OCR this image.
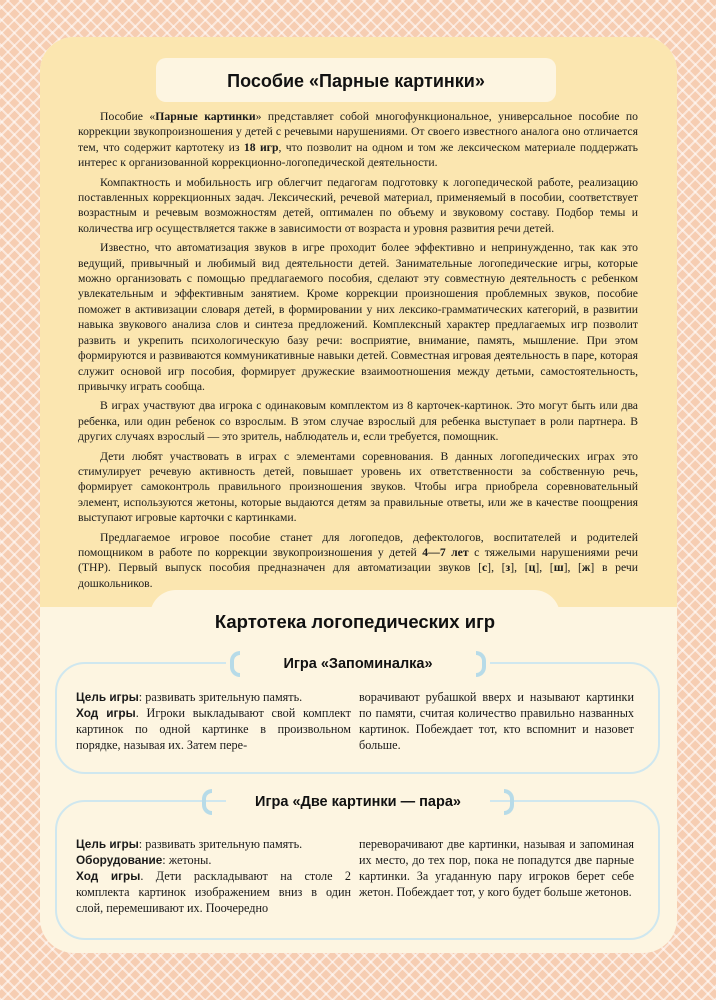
Пособие «Парные картинки»

Пособие «Парные картинки» представляет собой многофункциональное, универсальное пособие по коррекции звукопроизношения у детей с речевыми нарушениями. От своего известного аналога оно отличается тем, что содержит картотеку из 18 игр, что позволит на одном и том же лексическом материале поддержать интерес к организованной коррекционно-логопедической деятельности.

Компактность и мобильность игр облегчит педагогам подготовку к логопедической работе, реализацию поставленных коррекционных задач. Лексический, речевой материал, применяемый в пособии, соответствует возрастным и речевым возможностям детей, оптимален по объему и звуковому составу. Подбор темы и количества игр осуществляется также в зависимости от возраста и уровня развития речи детей.

Известно, что автоматизация звуков в игре проходит более эффективно и непринужденно, так как это ведущий, привычный и любимый вид деятельности детей. Занимательные логопедические игры, которые можно организовать с помощью предлагаемого пособия, сделают эту совместную деятельность с ребенком увлекательным и эффективным занятием. Кроме коррекции произношения проблемных звуков, пособие поможет в активизации словаря детей, в формировании у них лексико-грамматических категорий, в развитии навыка звукового анализа слов и синтеза предложений. Комплексный характер предлагаемых игр позволит развить и укрепить психологическую базу речи: восприятие, внимание, память, мышление. При этом формируются и развиваются коммуникативные навыки детей. Совместная игровая деятельность в паре, которая служит основой игр пособия, формирует дружеские взаимоотношения между детьми, самостоятельность, привычку играть сообща.

В играх участвуют два игрока с одинаковым комплектом из 8 карточек-картинок. Это могут быть или два ребенка, или один ребенок со взрослым. В этом случае взрослый для ребенка выступает в роли партнера. В других случаях взрослый — это зритель, наблюдатель и, если требуется, помощник.

Дети любят участвовать в играх с элементами соревнования. В данных логопедических играх это стимулирует речевую активность детей, повышает уровень их ответственности за собственную речь, формирует самоконтроль правильного произношения звуков. Чтобы игра приобрела соревновательный элемент, используются жетоны, которые выдаются детям за правильные ответы, или же в качестве поощрения выступают игровые карточки с картинками.

Предлагаемое игровое пособие станет для логопедов, дефектологов, воспитателей и родителей помощником в работе по коррекции звукопроизношения у детей 4—7 лет с тяжелыми нарушениями речи (ТНР). Первый выпуск пособия предназначен для автоматизации звуков [с], [з], [ц], [ш], [ж] в речи дошкольников.

Картотека логопедических игр
Игра «Запоминалка»

Цель игры: развивать зрительную память.

Ход игры. Игроки выкладывают свой комплект картинок по одной картинке в произвольном порядке, называя их. Затем пере-

ворачивают рубашкой вверх и называют картинки по памяти, считая количество правильно названных картинок. Побеждает тот, кто вспомнит и назовет больше.

Игра «Две картинки — пара»

Цель игры: развивать зрительную память.

Оборудование: жетоны.

Ход игры. Дети раскладывают на столе 2 комплекта картинок изображением вниз в один слой, перемешивают их. Поочередно

переворачивают две картинки, называя и запоминая их место, до тех пор, пока не попадутся две парные картинки. За угаданную пару игроков берет себе жетон. Побеждает тот, у кого будет больше жетонов.
